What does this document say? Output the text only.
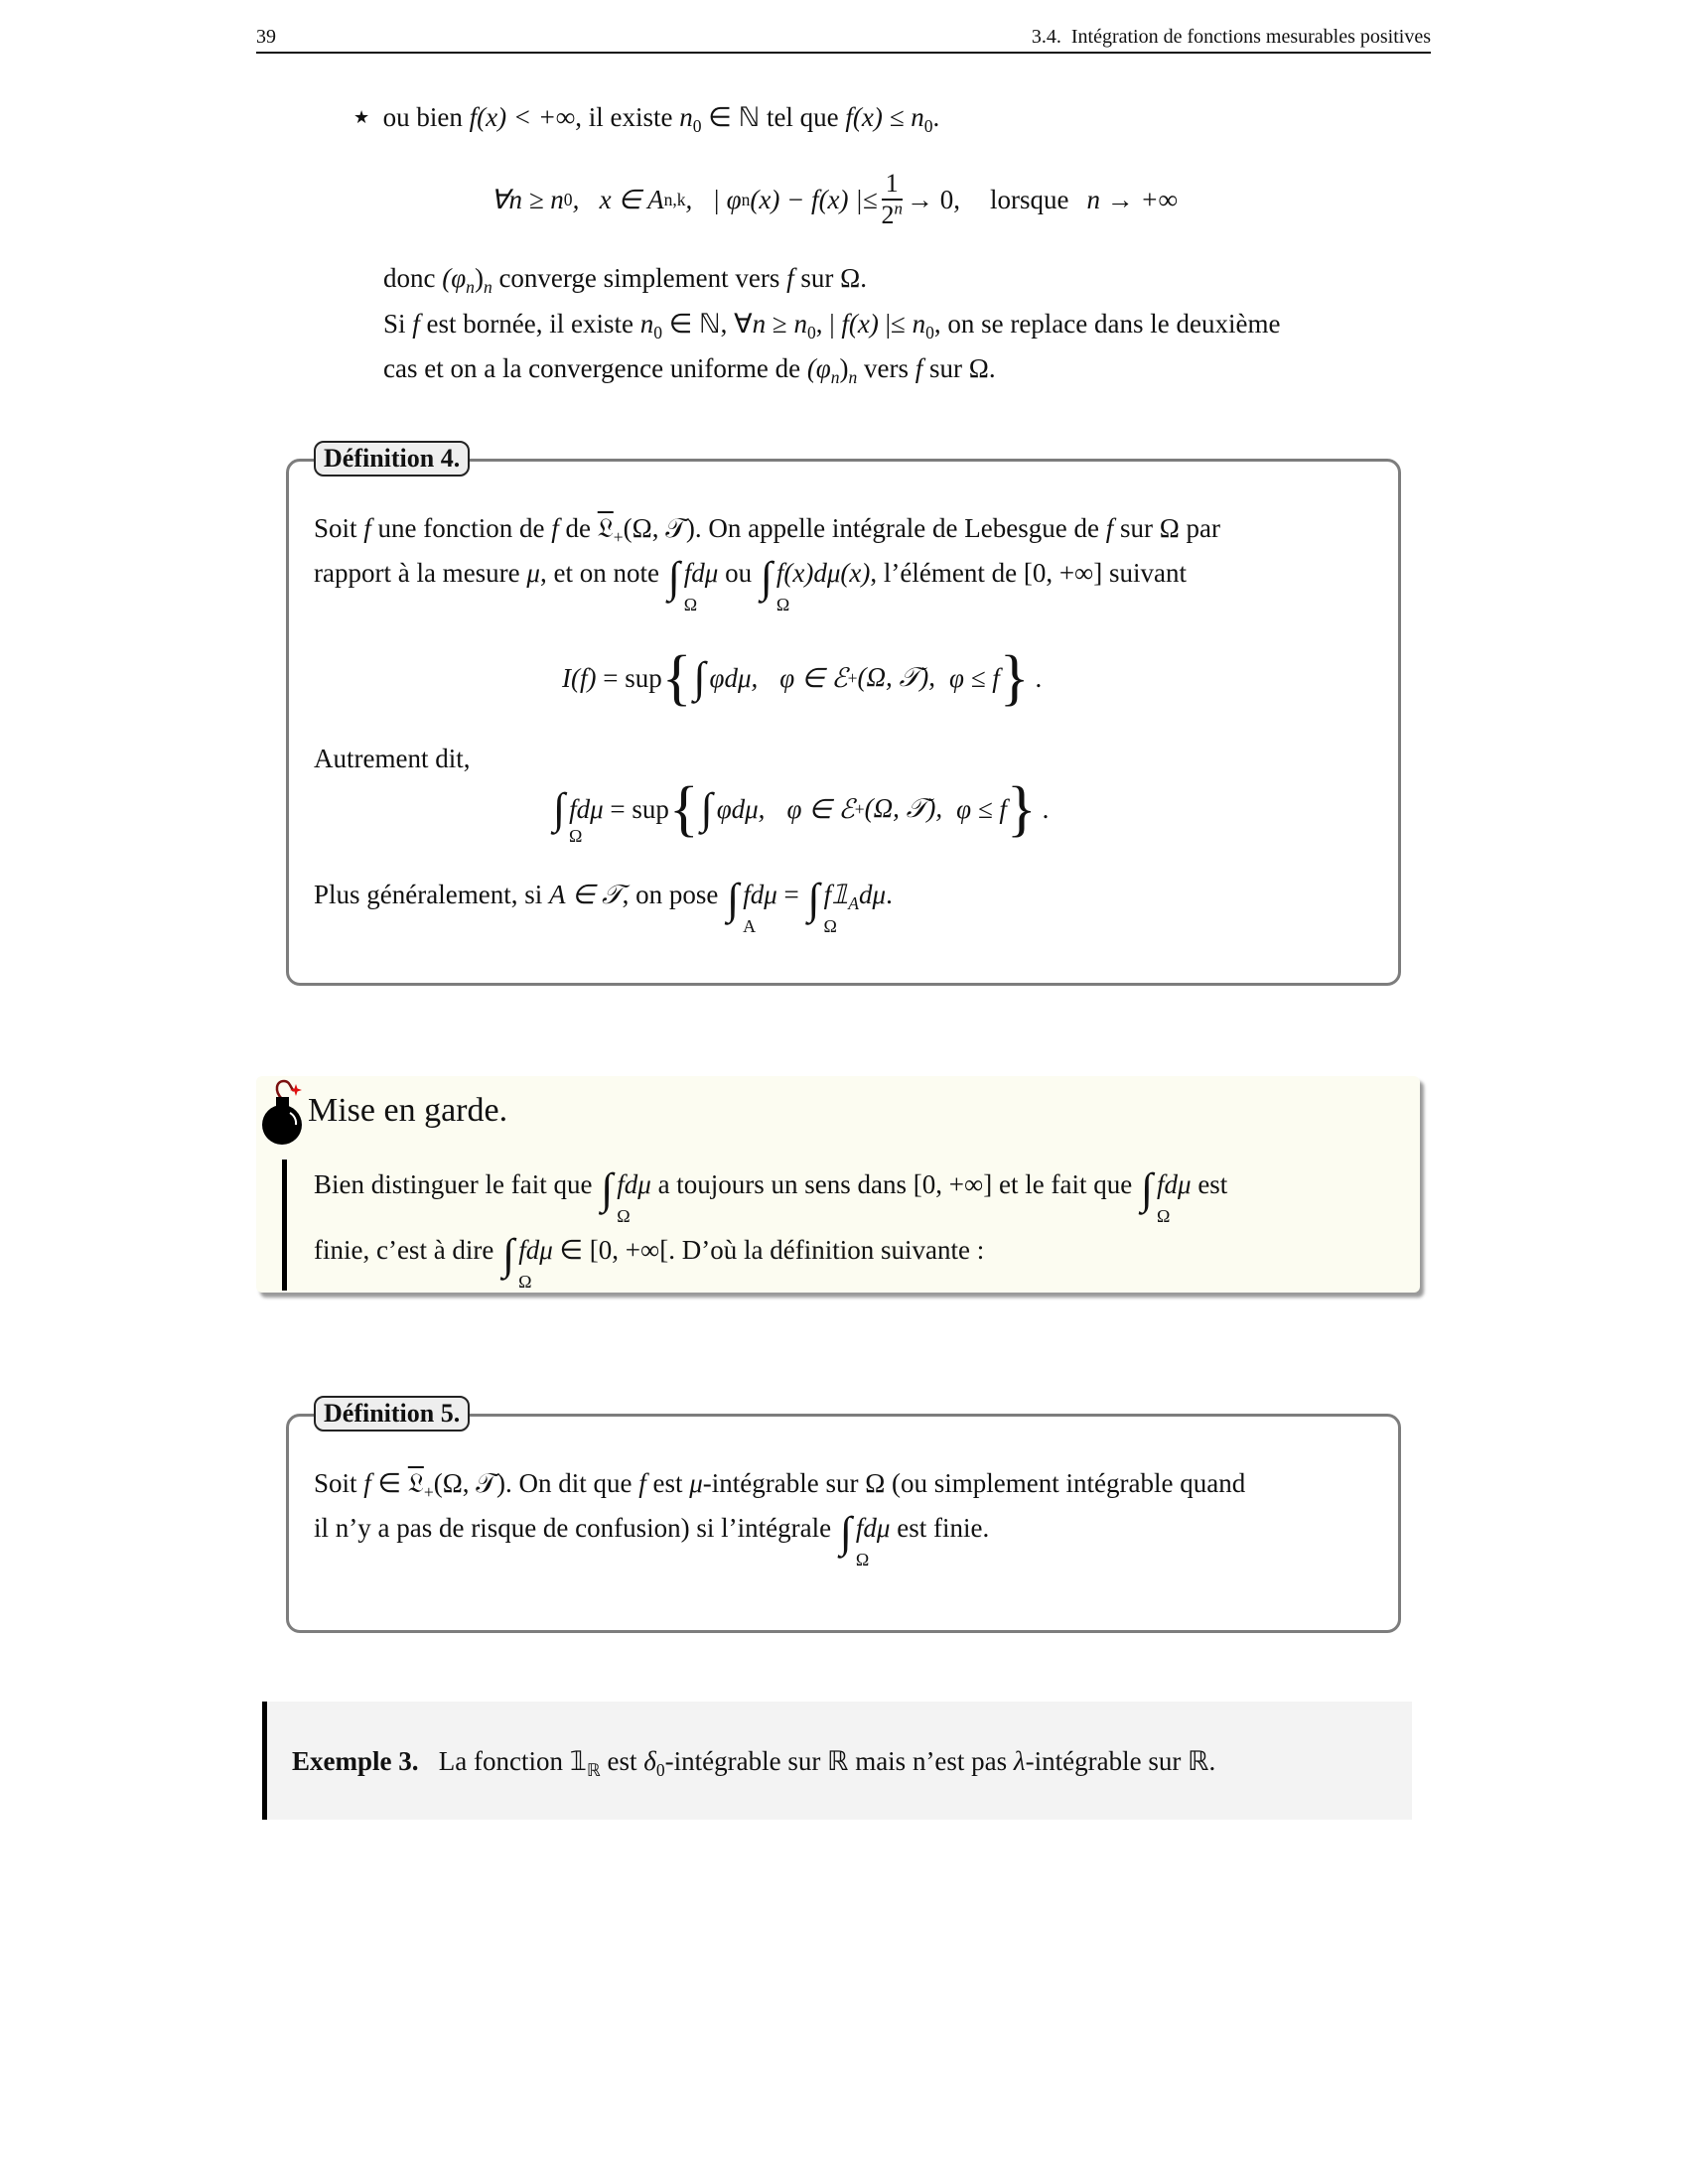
39	3.4.  Intégration de fonctions mesurables positives
★ ou bien f(x) < +∞, il existe $n_0$ ∈ ℕ tel que $f(x) \le n_0$.
∀n ≥ n 0 ,   x ∈ A n,k ,   | φ n (x) − f(x) |≤ $\frac{1}{2^n} \to 0$, lorsque n → +∞
donc $(\varphi_n)_n$ converge simplement vers f sur Ω.
Si f est bornée, il existe $n_0$ ∈ ℕ, ∀n ≥ $n_0$, | f(x) |≤ $n_0$, on se replace dans le deuxième
cas et on a la convergence uniforme de $(\varphi_n)_n$ vers f sur Ω.
Définition 4.
Soit f une fonction de f de 𝔏$_+$(Ω, 𝒯). On appelle intégrale de Lebesgue de f sur Ω par
rapport à la mesure μ, et on note ∫
Ω
fdμ ou ∫
Ω
f(x)dμ(x), l’élément de [0, +∞] suivant
I(f) = sup { ∫ φdμ, φ ∈ ℰ + (Ω, 𝒯), φ ≤ f } .
Autrement dit,
∫
Ω
fdμ = sup { ∫ φdμ, φ ∈ ℰ + (Ω, 𝒯), φ ≤ f } .
Plus généralement, si A ∈ 𝒯, on pose ∫
A
fdμ = ∫
Ω
$f𝟙_Ad\mu$.
Mise en garde.
Bien distinguer le fait que ∫
Ω
fdμ a toujours un sens dans [0, +∞] et le fait que ∫
Ω
fdμ est
finie, c’est à dire ∫
Ω
fdμ ∈ [0, +∞[. D’où la définition suivante :
Définition 5.
Soit f ∈ 𝔏$_+$(Ω, 𝒯). On dit que f est μ-intégrable sur Ω (ou simplement intégrable quand
il n’y a pas de risque de confusion) si l’intégrale ∫
Ω
fdμ est finie.
Exemple 3. La fonction $𝟙_ℝ$ est $\delta_0$-intégrable sur ℝ mais n’est pas λ-intégrable sur ℝ.
